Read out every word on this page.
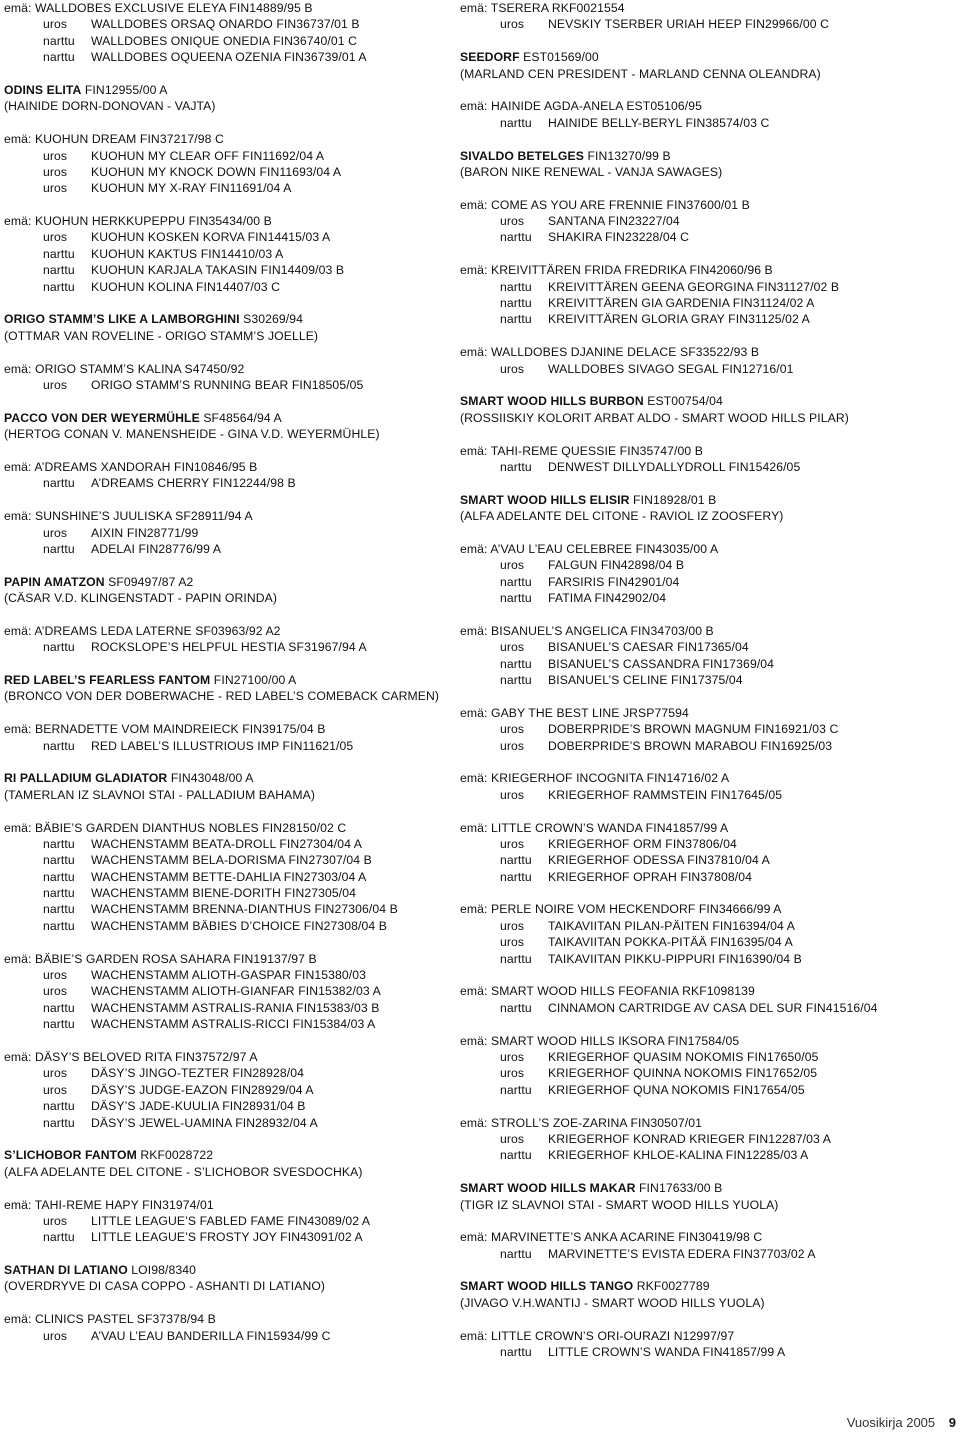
emä: WALLDOBES EXCLUSIVE ELEYA FIN14889/95 B
uros WALLDOBES ORSAQ ONARDO FIN36737/01 B
narttu WALLDOBES ONIQUE ONEDIA FIN36740/01 C
narttu WALLDOBES OQUEENA OZENIA FIN36739/01 A
ODINS ELITA FIN12955/00 A
(HAINIDE DORN-DONOVAN - VAJTA)
emä: KUOHUN DREAM FIN37217/98 C
uros KUOHUN MY CLEAR OFF FIN11692/04 A
uros KUOHUN MY KNOCK DOWN FIN11693/04 A
uros KUOHUN MY X-RAY FIN11691/04 A
emä: KUOHUN HERKKUPEPPU FIN35434/00 B
uros KUOHUN KOSKEN KORVA FIN14415/03 A
narttu KUOHUN KAKTUS FIN14410/03 A
narttu KUOHUN KARJALA TAKASIN FIN14409/03 B
narttu KUOHUN KOLINA FIN14407/03 C
ORIGO STAMM’S LIKE A LAMBORGHINI S30269/94
(OTTMAR VAN ROVELINE - ORIGO STAMM’S JOELLE)
emä: ORIGO STAMM’S KALINA S47450/92
uros ORIGO STAMM’S RUNNING BEAR FIN18505/05
PACCO VON DER WEYERMÜHLE SF48564/94 A
(HERTOG CONAN V. MANENSHEIDE - GINA V.D. WEYERMÜHLE)
emä: A’DREAMS XANDORAH FIN10846/95 B
narttu A’DREAMS CHERRY FIN12244/98 B
emä: SUNSHINE’S JUULISKA SF28911/94 A
uros AIXIN FIN28771/99
narttu ADELAI FIN28776/99 A
PAPIN AMATZON SF09497/87 A2
(CÄSAR V.D. KLINGENSTADT - PAPIN ORINDA)
emä: A’DREAMS LEDA LATERNE SF03963/92 A2
narttu ROCKSLOPE’S HELPFUL HESTIA SF31967/94 A
RED LABEL’S FEARLESS FANTOM FIN27100/00 A
(BRONCO VON DER DOBERWACHE - RED LABEL’S COMEBACK CARMEN)
emä: BERNADETTE VOM MAINDREIECK FIN39175/04 B
narttu RED LABEL’S ILLUSTRIOUS IMP FIN11621/05
RI PALLADIUM GLADIATOR FIN43048/00 A
(TAMERLAN IZ SLAVNOI STAI - PALLADIUM BAHAMA)
emä: BÄBIE’S GARDEN DIANTHUS NOBLES FIN28150/02 C
narttu WACHENSTAMM BEATA-DROLL FIN27304/04 A
narttu WACHENSTAMM BELA-DORISMA FIN27307/04 B
narttu WACHENSTAMM BETTE-DAHLIA FIN27303/04 A
narttu WACHENSTAMM BIENE-DORITH FIN27305/04
narttu WACHENSTAMM BRENNA-DIANTHUS FIN27306/04 B
narttu WACHENSTAMM BÄBIES D’CHOICE FIN27308/04 B
emä: BÄBIE’S GARDEN ROSA SAHARA FIN19137/97 B
uros WACHENSTAMM ALIOTH-GASPAR FIN15380/03
uros WACHENSTAMM ALIOTH-GIANFAR FIN15382/03 A
narttu WACHENSTAMM ASTRALIS-RANIA FIN15383/03 B
narttu WACHENSTAMM ASTRALIS-RICCI FIN15384/03 A
emä: DÄSY’S BELOVED RITA FIN37572/97 A
uros DÄSY’S JINGO-TEZTER FIN28928/04
uros DÄSY’S JUDGE-EAZON FIN28929/04 A
narttu DÄSY’S JADE-KUULIA FIN28931/04 B
narttu DÄSY’S JEWEL-UAMINA FIN28932/04 A
S’LICHOBOR FANTOM RKF0028722
(ALFA ADELANTE DEL CITONE - S’LICHOBOR SVESDOCHKA)
emä: TAHI-REME HAPY FIN31974/01
uros LITTLE LEAGUE’S FABLED FAME FIN43089/02 A
narttu LITTLE LEAGUE’S FROSTY JOY FIN43091/02 A
SATHAN DI LATIANO LOI98/8340
(OVERDRYVE DI CASA COPPO - ASHANTI DI LATIANO)
emä: CLINICS PASTEL SF37378/94 B
uros A’VAU L’EAU BANDERILLA FIN15934/99 C
emä: TSERERA RKF0021554
uros NEVSKIY TSERBER URIAH HEEP FIN29966/00 C
SEEDORF EST01569/00
(MARLAND CEN PRESIDENT - MARLAND CENNA OLEANDRA)
emä: HAINIDE AGDA-ANELA EST05106/95
narttu HAINIDE BELLY-BERYL FIN38574/03 C
SIVALDO BETELGES FIN13270/99 B
(BARON NIKE RENEWAL - VANJA SAWAGES)
emä: COME AS YOU ARE FRENNIE FIN37600/01 B
uros SANTANA FIN23227/04
narttu SHAKIRA FIN23228/04 C
emä: KREIVITTÄREN FRIDA FREDRIKA FIN42060/96 B
narttu KREIVITTÄREN GEENA GEORGINA FIN31127/02 B
narttu KREIVITTÄREN GIA GARDENIA FIN31124/02 A
narttu KREIVITTÄREN GLORIA GRAY FIN31125/02 A
emä: WALLDOBES DJANINE DELACE SF33522/93 B
uros WALLDOBES SIVAGO SEGAL FIN12716/01
SMART WOOD HILLS BURBON EST00754/04
(ROSSIISKIY KOLORIT ARBAT ALDO - SMART WOOD HILLS PILAR)
emä: TAHI-REME QUESSIE FIN35747/00 B
narttu DENWEST DILLYDALLYDROLL FIN15426/05
SMART WOOD HILLS ELISIR FIN18928/01 B
(ALFA ADELANTE DEL CITONE - RAVIOL IZ ZOOSFERY)
emä: A’VAU L’EAU CELEBREE FIN43035/00 A
uros FALGUN FIN42898/04 B
narttu FARSIRIS FIN42901/04
narttu FATIMA FIN42902/04
emä: BISANUEL’S ANGELICA FIN34703/00 B
uros BISANUEL’S CAESAR FIN17365/04
narttu BISANUEL’S CASSANDRA FIN17369/04
narttu BISANUEL’S CELINE FIN17375/04
emä: GABY THE BEST LINE JRSP77594
uros DOBERPRIDE’S BROWN MAGNUM FIN16921/03 C
uros DOBERPRIDE’S BROWN MARABOU FIN16925/03
emä: KRIEGERHOF INCOGNITA FIN14716/02 A
uros KRIEGERHOF RAMMSTEIN FIN17645/05
emä: LITTLE CROWN’S WANDA FIN41857/99 A
uros KRIEGERHOF ORM FIN37806/04
narttu KRIEGERHOF ODESSA FIN37810/04 A
narttu KRIEGERHOF OPRAH FIN37808/04
emä: PERLE NOIRE VOM HECKENDORF FIN34666/99 A
uros TAIKAVIITAN PILAN-PÄITEN FIN16394/04 A
uros TAIKAVIITAN POKKA-PITÄÄ FIN16395/04 A
narttu TAIKAVIITAN PIKKU-PIPPURI FIN16390/04 B
emä: SMART WOOD HILLS FEOFANIA RKF1098139
narttu CINNAMON CARTRIDGE AV CASA DEL SUR FIN41516/04
emä: SMART WOOD HILLS IKSORA FIN17584/05
uros KRIEGERHOF QUASIM NOKOMIS FIN17650/05
uros KRIEGERHOF QUINNA NOKOMIS FIN17652/05
narttu KRIEGERHOF QUNA NOKOMIS FIN17654/05
emä: STROLL’S ZOE-ZARINA FIN30507/01
uros KRIEGERHOF KONRAD KRIEGER FIN12287/03 A
narttu KRIEGERHOF KHLOE-KALINA FIN12285/03 A
SMART WOOD HILLS MAKAR FIN17633/00 B
(TIGR IZ SLAVNOI STAI - SMART WOOD HILLS YUOLA)
emä: MARVINETTE’S ANKA ACARINE FIN30419/98 C
narttu MARVINETTE’S EVISTA EDERA FIN37703/02 A
SMART WOOD HILLS TANGO RKF0027789
(JIVAGO V.H.WANTIJ - SMART WOOD HILLS YUOLA)
emä: LITTLE CROWN’S ORI-OURAZI N12997/97
narttu LITTLE CROWN’S WANDA FIN41857/99 A
Vuosikirja 2005 9
